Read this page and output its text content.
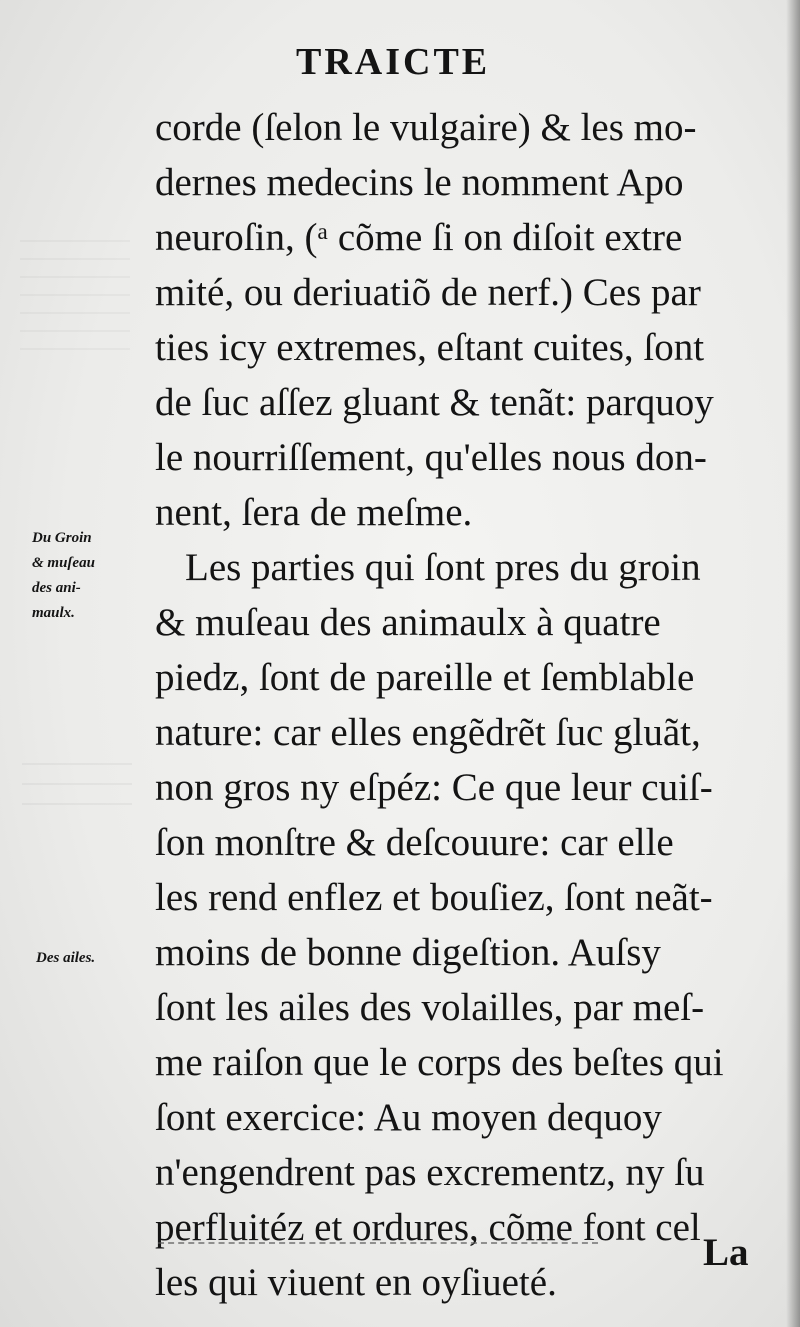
TRAICTE
corde (ſelon le vulgaire) & les mo-
dernes medecins le nomment Apo
neuroſin, (ᵃ cõme ſi on diſoit extre
mité, ou deriuatiõ de nerf.) Ces par
ties icy extremes, eſtant cuites, ſont
de ſuc aſſez gluant & tenãt: parquoy
le nourriſſement, qu'elles nous don-
nent, ſera de meſme.
Les parties qui ſont pres du groin
& muſeau des animaulx à quatre
piedz, ſont de pareille et ſemblable
nature: car elles engẽdrẽt ſuc gluãt,
non gros ny eſpéz: Ce que leur cuiſ-
ſon monſtre & deſcouure: car elle
les rend enflez et bouſiez, ſont neãt-
moins de bonne digeſtion. Auſsy
ſont les ailes des volailles, par meſ-
me raiſon que le corps des beſtes qui
ſont exercice: Au moyen dequoy
n'engendrent pas excrementz, ny ſu
perfluitéz et ordures, cõme font cel
les qui viuent en oyſiueté.
Du Groin
& muſeau
des ani-
maulx.
Des ailes.
La
